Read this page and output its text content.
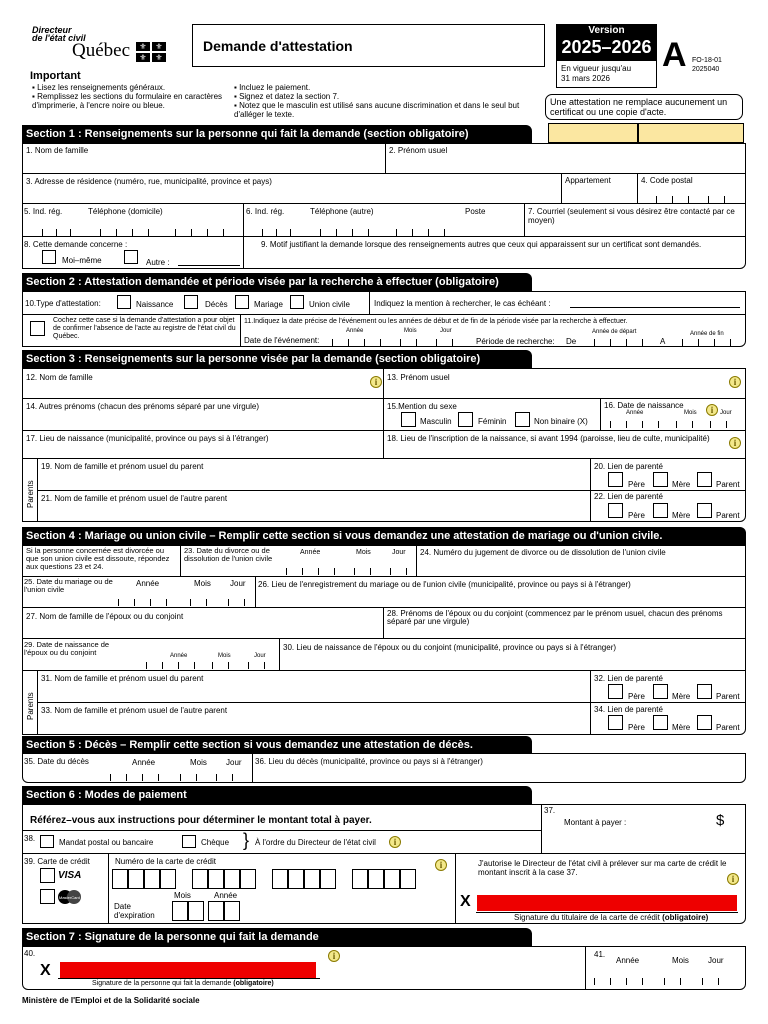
Directeur
de l'état civil
Québec	⚜	⚜
⚜	⚜
Demande d'attestation
Version
2025–2026
En vigueur jusqu'au
31 mars 2026
A FO-18-01
2025040
Important
▪ Lisez les renseignements généraux.
▪ Remplissez les sections du formulaire en caractères d'imprimerie, à l'encre noire ou bleue.
▪ Incluez le paiement.
▪ Signez et datez la section 7.
▪ Notez que le masculin est utilisé sans aucune discrimination et dans le seul but d'alléger le texte.
Une attestation ne remplace aucunement un certificat ou une copie d'acte.
Section 1 : Renseignements sur la personne qui fait la demande (section obligatoire)
1. Nom de famille	2. Prénom usuel
3. Adresse de résidence (numéro, rue, municipalité, province et pays)	Appartement	4. Code postal
5. Ind. rég.	Téléphone (domicile)	6. Ind. rég.	Téléphone (autre)	Poste	7. Courriel (seulement si vous désirez être contacté par ce moyen)
8. Cette demande concerne :
Moi–même	Autre :
9. Motif justifiant la demande lorsque des renseignements autres que ceux qui apparaissent sur un certificat sont demandés.
Section 2 : Attestation demandée et période visée par la recherche à effectuer (obligatoire)
10.Type d'attestation:	Naissance	Décès	Mariage	Union civile	Indiquez la mention à rechercher, le cas échéant :
Cochez cette case si la demande d'attestation a pour objet de confirmer l'absence de l'acte au registre de l'état civil du Québec.
11.Indiquez la date précise de l'événement ou les années de début et de fin de la période visée par la recherche à effectuer.
Année	Mois	Jour
Date de l'événement:	Période de recherche: De
Année de départ
A
Année de fin
Section 3 : Renseignements sur la personne visée par la demande (section obligatoire)
12. Nom de famille	i	13. Prénom usuel	i
14. Autres prénoms (chacun des prénoms séparé par une virgule)	15.Mention du sexe
Masculin	Féminin	Non binaire (X)
16. Date de naissance
Année	Mois	i	Jour
17. Lieu de naissance (municipalité, province ou pays si à l'étranger)	18. Lieu de l'inscription de la naissance, si avant 1994 (paroisse, lieu de culte, municipalité)	i
Parents
19. Nom de famille et prénom usuel du parent
21. Nom de famille et prénom usuel de l'autre parent
20. Lien de parenté
Père	Mère	Parent
22. Lien de parenté
Père	Mère	Parent
Section 4 : Mariage ou union civile – Remplir cette section si vous demandez une attestation de mariage ou d'union civile.
Si la personne concernée est divorcée ou que son union civile est dissoute, répondez aux questions 23 et 24.
23. Date du divorce ou de dissolution de l'union civile
Année	Mois	Jour 24. Numéro du jugement de divorce ou de dissolution de l'union civile
25. Date du mariage ou de l'union civile
Année	Mois Jour 26. Lieu de l'enregistrement du mariage ou de l'union civile (municipalité, province ou pays si à l'étranger)
27. Nom de famille de l'époux ou du conjoint	28. Prénoms de l'époux ou du conjoint (commencez par le prénom usuel, chacun des prénoms séparé par une virgule)
29. Date de naissance de l'époux ou du conjoint	Année	Mois	Jour
30. Lieu de naissance de l'époux ou du conjoint (municipalité, province ou pays si à l'étranger)
Parents
31. Nom de famille et prénom usuel du parent
33. Nom de famille et prénom usuel de l'autre parent
32. Lien de parenté
Père	Mère	Parent
34. Lien de parenté
Père	Mère	Parent
Section 5 : Décès – Remplir cette section si vous demandez une attestation de décès.
35. Date du décès	Année	Mois Jour 36. Lieu du décès (municipalité, province ou pays si à l'étranger)
Section 6 : Modes de paiement
Référez–vous aux instructions pour déterminer le montant total à payer.
37.
Montant à payer :	$
38.	Mandat postal ou bancaire	Chèque } À l'ordre du Directeur de l'état civil	i
39. Carte de crédit
VISA
MasterCard
Numéro de la carte de crédit	i
Mois	Année
Date d'expiration
J'autorise le Directeur de l'état civil à prélever sur ma carte de crédit le montant inscrit à la case 37.
i
X
Signature du titulaire de la carte de crédit (obligatoire)
Section 7 : Signature de la personne qui fait la demande
40.
X
i
Signature de la personne qui fait la demande (obligatoire)
41.
Année	Mois Jour
Ministère de l'Emploi et de la Solidarité sociale
